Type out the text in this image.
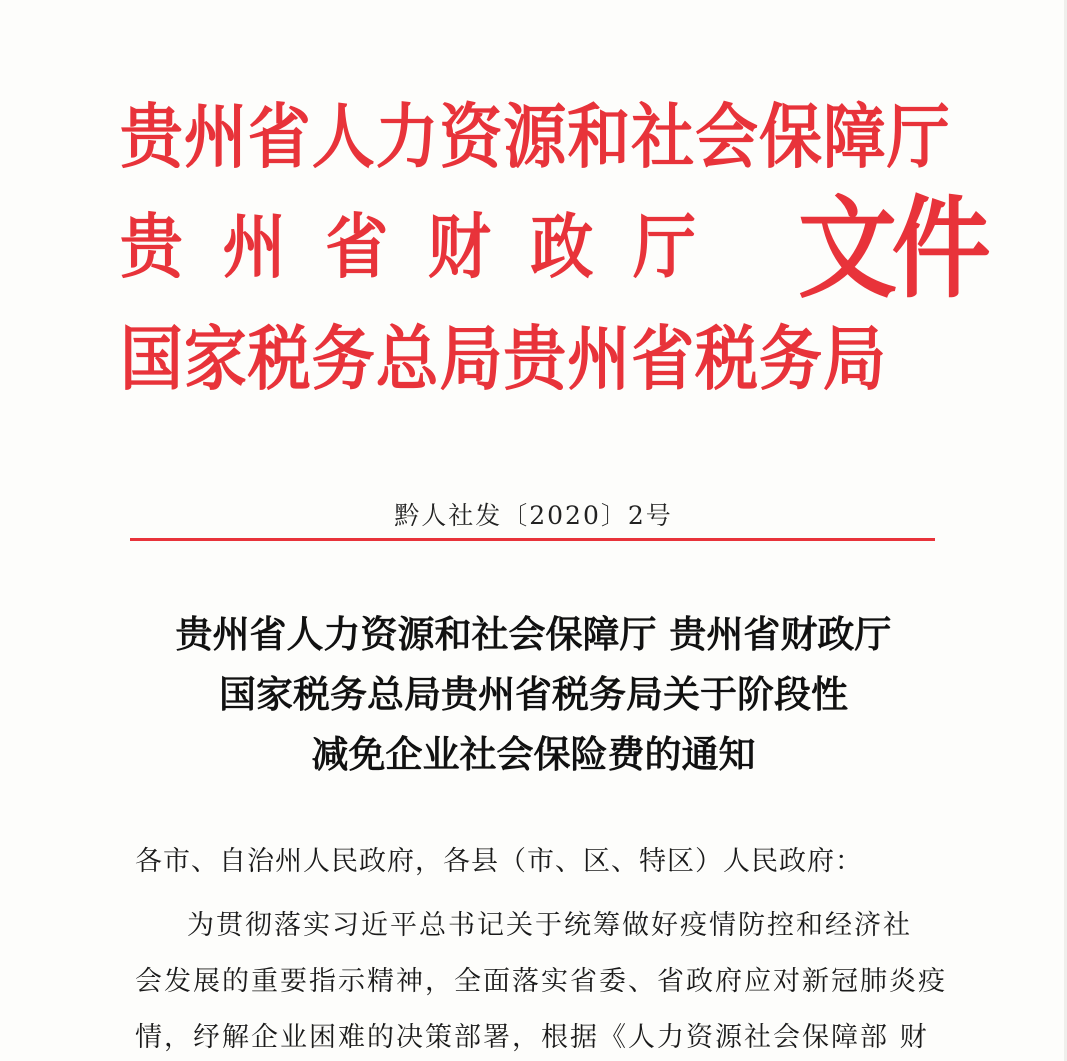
贵州省人力资源和社会保障厅
贵州省财政厅
国家税务总局贵州省税务局
文件
黔人社发〔2020〕2号
贵州省人力资源和社会保障厅 贵州省财政厅
国家税务总局贵州省税务局关于阶段性
减免企业社会保险费的通知
各市、自治州人民政府，各县（市、区、特区）人民政府：
为贯彻落实习近平总书记关于统筹做好疫情防控和经济社
会发展的重要指示精神，全面落实省委、省政府应对新冠肺炎疫
情，纾解企业困难的决策部署，根据《人力资源社会保障部 财
